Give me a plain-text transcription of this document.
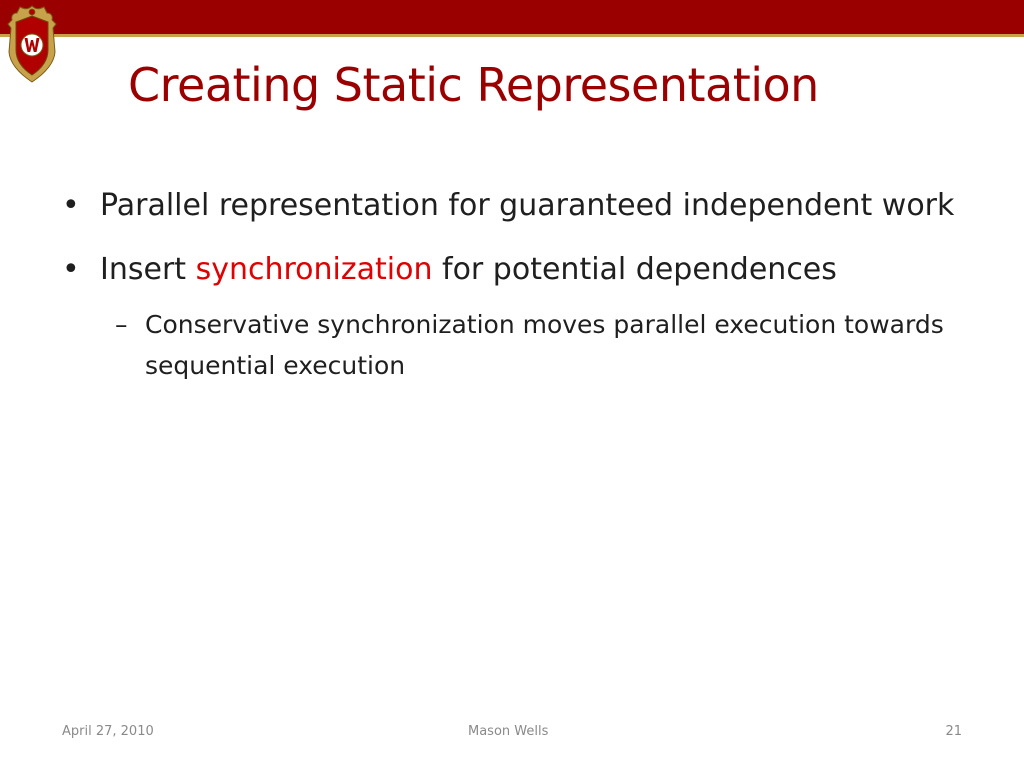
Creating Static Representation
• Parallel representation for guaranteed independent work
• Insert synchronization for potential dependences
– Conservative synchronization moves parallel execution towards sequential execution
April 27, 2010	Mason Wells	21
